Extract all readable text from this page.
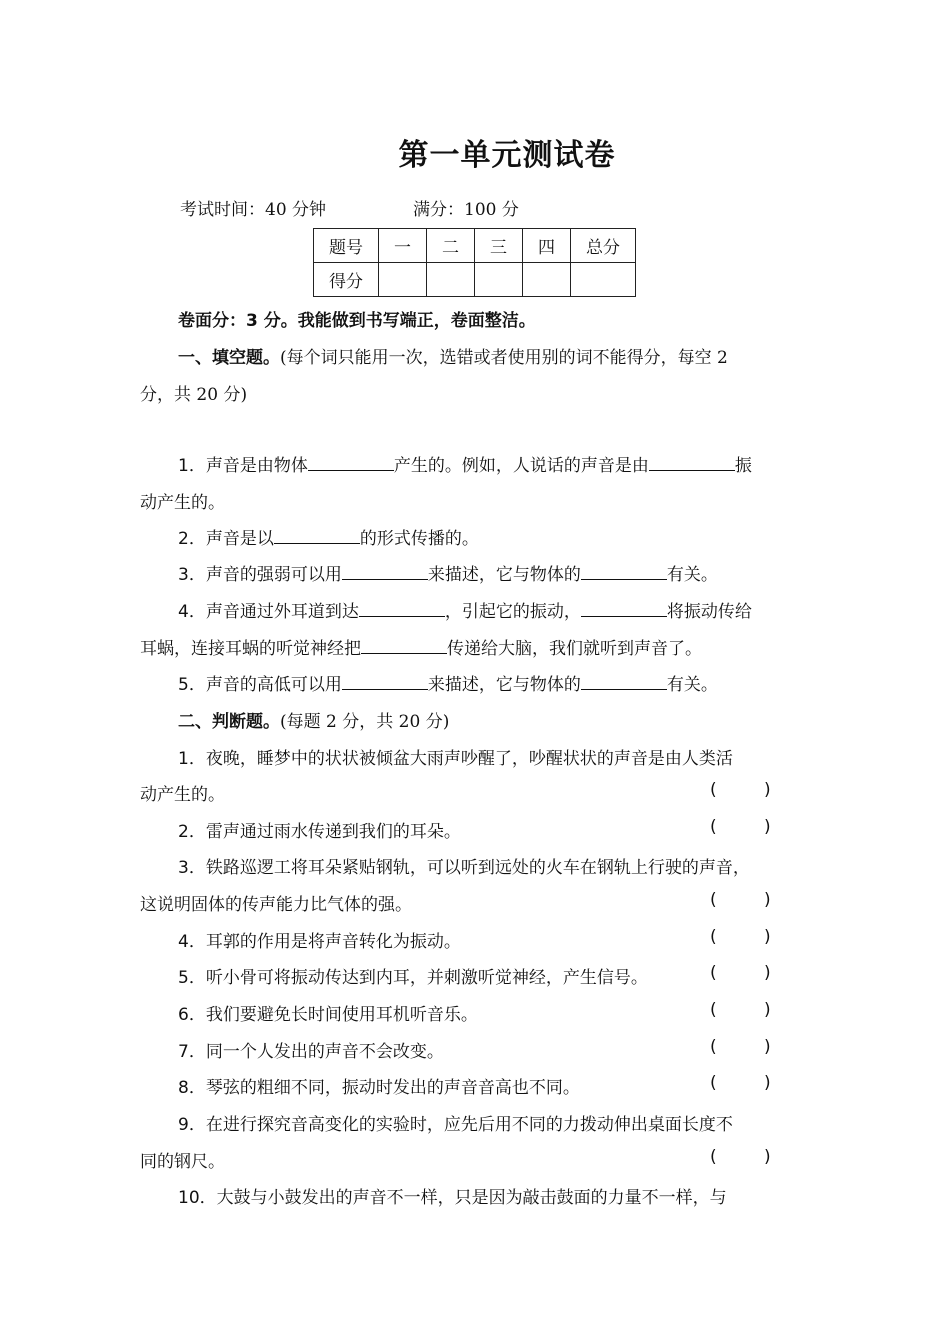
第一单元测试卷
考试时间：40 分钟	满分：100 分
题号	一	二	三	四	总分
得分					
卷面分：3 分。我能做到书写端正，卷面整洁。
一、填空题。(每个词只能用一次，选错或者使用别的词不能得分，每空 2
分，共 20 分)
1．声音是由物体	产生的。例如，人说话的声音是由	振
动产生的。
2．声音是以	的形式传播的。
3．声音的强弱可以用	来描述，它与物体的	有关。
4．声音通过外耳道到达	，引起它的振动，	将振动传给
耳蜗，连接耳蜗的听觉神经把	传递给大脑，我们就听到声音了。
5．声音的高低可以用	来描述，它与物体的	有关。
二、判断题。(每题 2 分，共 20 分)
1．夜晚，睡梦中的状状被倾盆大雨声吵醒了，吵醒状状的声音是由人类活
动产生的。	(	)
2．雷声通过雨水传递到我们的耳朵。	(	)
3．铁路巡逻工将耳朵紧贴钢轨，可以听到远处的火车在钢轨上行驶的声音，
这说明固体的传声能力比气体的强。	(	)
4．耳郭的作用是将声音转化为振动。	(	)
5．听小骨可将振动传达到内耳，并刺激听觉神经，产生信号。	(	)
6．我们要避免长时间使用耳机听音乐。	(	)
7．同一个人发出的声音不会改变。	(	)
8．琴弦的粗细不同，振动时发出的声音音高也不同。	(	)
9．在进行探究音高变化的实验时，应先后用不同的力拨动伸出桌面长度不
同的钢尺。	(	)
10．大鼓与小鼓发出的声音不一样，只是因为敲击鼓面的力量不一样，与
